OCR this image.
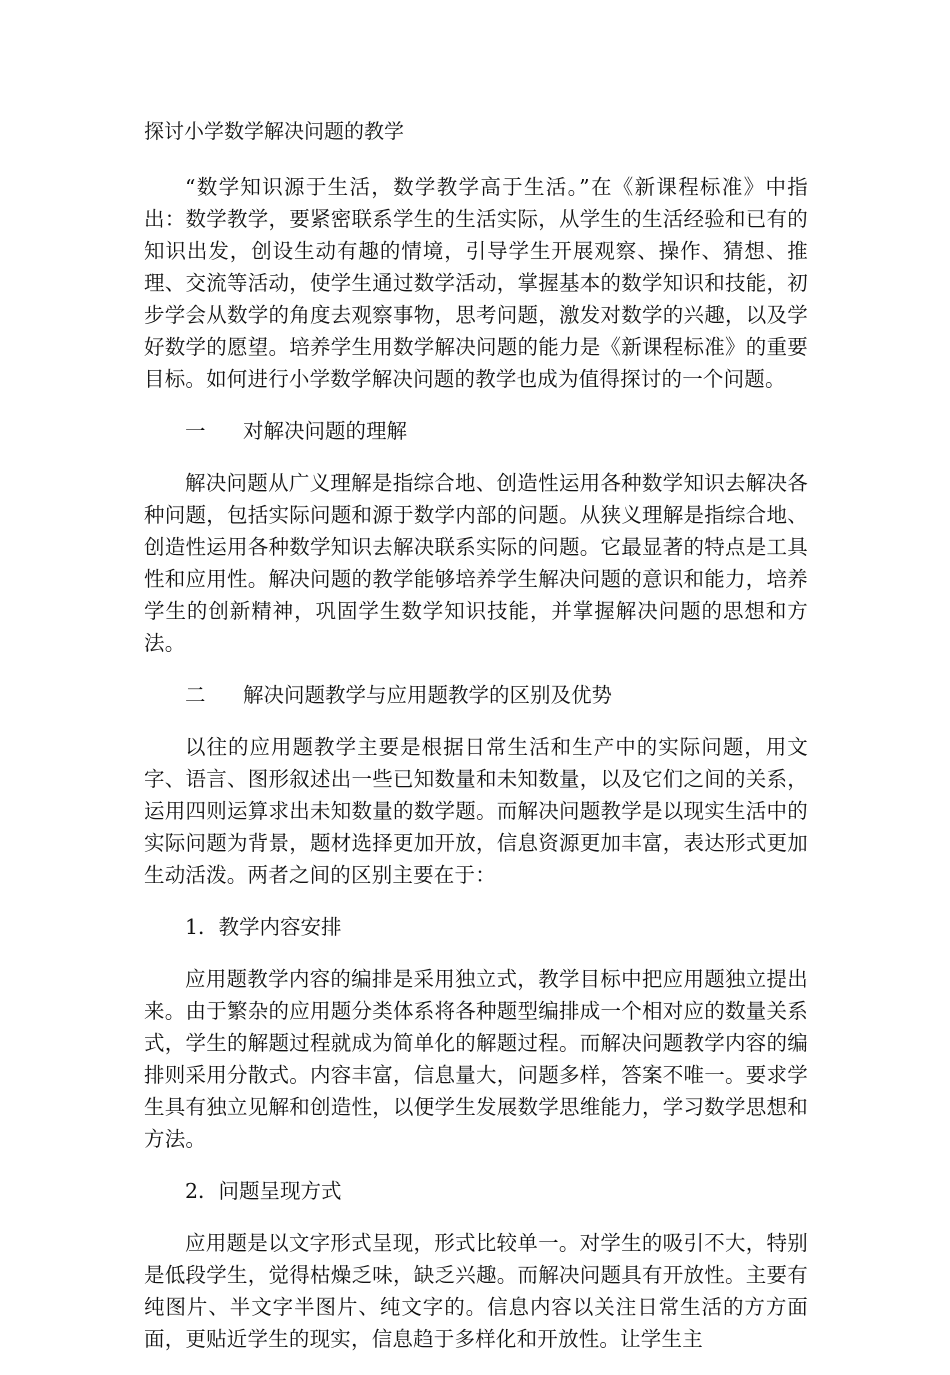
探讨小学数学解决问题的教学

“数学知识源于生活，数学教学高于生活。”在《新课程标准》中指出：数学教学，要紧密联系学生的生活实际，从学生的生活经验和已有的知识出发，创设生动有趣的情境，引导学生开展观察、操作、猜想、推理、交流等活动，使学生通过数学活动，掌握基本的数学知识和技能，初步学会从数学的角度去观察事物，思考问题，激发对数学的兴趣，以及学好数学的愿望。培养学生用数学解决问题的能力是《新课程标准》的重要目标。如何进行小学数学解决问题的教学也成为值得探讨的一个问题。

一 对解决问题的理解

解决问题从广义理解是指综合地、创造性运用各种数学知识去解决各种问题，包括实际问题和源于数学内部的问题。从狭义理解是指综合地、创造性运用各种数学知识去解决联系实际的问题。它最显著的特点是工具性和应用性。解决问题的教学能够培养学生解决问题的意识和能力，培养学生的创新精神，巩固学生数学知识技能，并掌握解决问题的思想和方法。

二 解决问题教学与应用题教学的区别及优势

以往的应用题教学主要是根据日常生活和生产中的实际问题，用文字、语言、图形叙述出一些已知数量和未知数量，以及它们之间的关系，运用四则运算求出未知数量的数学题。而解决问题教学是以现实生活中的实际问题为背景，题材选择更加开放，信息资源更加丰富，表达形式更加生动活泼。两者之间的区别主要在于：

1．教学内容安排

应用题教学内容的编排是采用独立式，教学目标中把应用题独立提出来。由于繁杂的应用题分类体系将各种题型编排成一个相对应的数量关系式，学生的解题过程就成为简单化的解题过程。而解决问题教学内容的编排则采用分散式。内容丰富，信息量大，问题多样，答案不唯一。要求学生具有独立见解和创造性，以便学生发展数学思维能力，学习数学思想和方法。

2．问题呈现方式

应用题是以文字形式呈现，形式比较单一。对学生的吸引不大，特别是低段学生，觉得枯燥乏味，缺乏兴趣。而解决问题具有开放性。主要有纯图片、半文字半图片、纯文字的。信息内容以关注日常生活的方方面面，更贴近学生的现实，信息趋于多样化和开放性。让学生主
